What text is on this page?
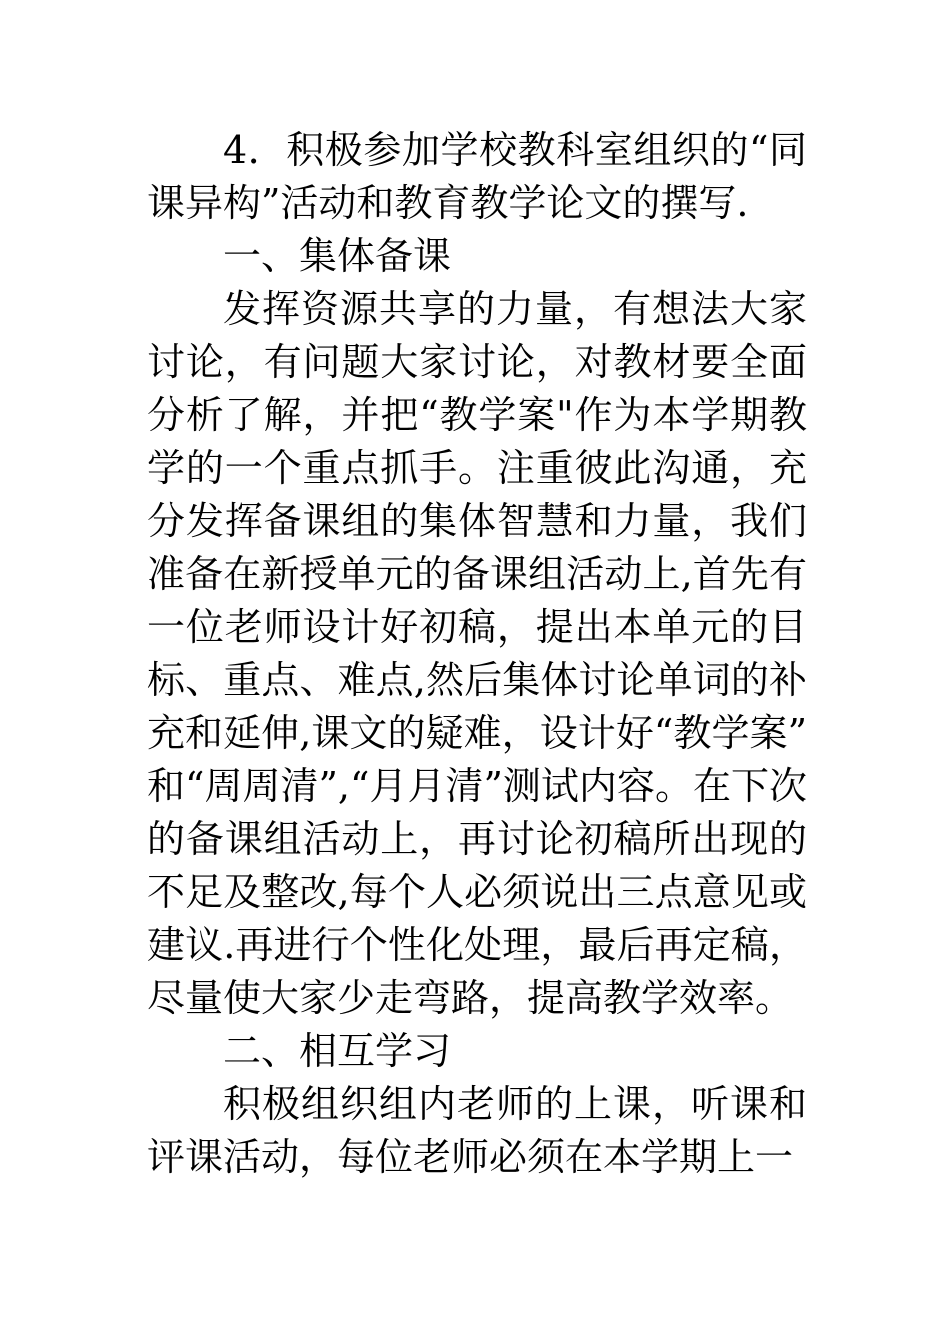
4．积极参加学校教科室组织的“同课异构”活动和教育教学论文的撰写.

一、集体备课

发挥资源共享的力量，有想法大家讨论，有问题大家讨论，对教材要全面分析了解，并把“教学案"作为本学期教学的一个重点抓手。注重彼此沟通，充分发挥备课组的集体智慧和力量，我们准备在新授单元的备课组活动上,首先有一位老师设计好初稿，提出本单元的目标、重点、难点,然后集体讨论单词的补充和延伸,课文的疑难，设计好“教学案”和“周周清”,“月月清”测试内容。在下次的备课组活动上，再讨论初稿所出现的不足及整改,每个人必须说出三点意见或建议.再进行个性化处理，最后再定稿，尽量使大家少走弯路，提高教学效率。

二、相互学习

积极组织组内老师的上课，听课和评课活动，每位老师必须在本学期上一
